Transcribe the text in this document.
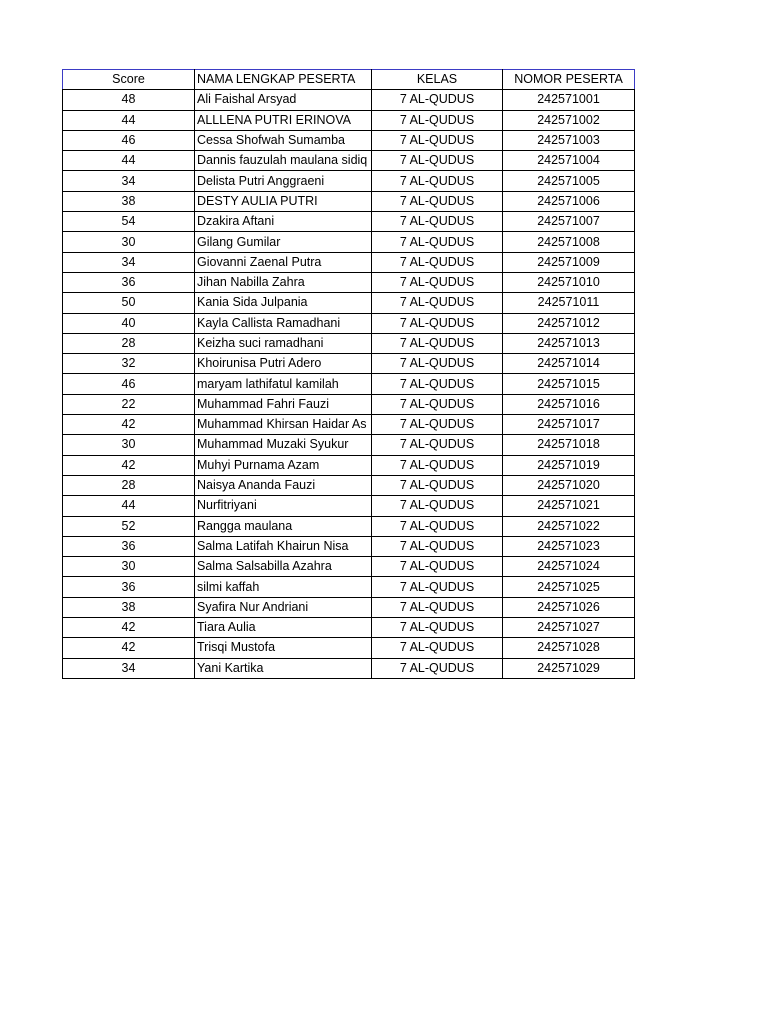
Score	NAMA LENGKAP PESERTA	KELAS	NOMOR PESERTA
48	Ali Faishal Arsyad	7 AL-QUDUS	242571001
44	ALLLENA PUTRI ERINOVA	7 AL-QUDUS	242571002
46	Cessa Shofwah Sumamba	7 AL-QUDUS	242571003
44	Dannis fauzulah maulana sidiq	7 AL-QUDUS	242571004
34	Delista Putri Anggraeni	7 AL-QUDUS	242571005
38	DESTY AULIA PUTRI	7 AL-QUDUS	242571006
54	Dzakira Aftani	7 AL-QUDUS	242571007
30	Gilang Gumilar	7 AL-QUDUS	242571008
34	Giovanni Zaenal Putra	7 AL-QUDUS	242571009
36	Jihan Nabilla Zahra	7 AL-QUDUS	242571010
50	Kania Sida Julpania	7 AL-QUDUS	242571011
40	Kayla Callista Ramadhani	7 AL-QUDUS	242571012
28	Keizha suci ramadhani	7 AL-QUDUS	242571013
32	Khoirunisa Putri Adero	7 AL-QUDUS	242571014
46	maryam lathifatul kamilah	7 AL-QUDUS	242571015
22	Muhammad Fahri Fauzi	7 AL-QUDUS	242571016
42	Muhammad Khirsan Haidar As	7 AL-QUDUS	242571017
30	Muhammad Muzaki Syukur	7 AL-QUDUS	242571018
42	Muhyi Purnama Azam	7 AL-QUDUS	242571019
28	Naisya Ananda Fauzi	7 AL-QUDUS	242571020
44	Nurfitriyani	7 AL-QUDUS	242571021
52	Rangga maulana	7 AL-QUDUS	242571022
36	Salma Latifah Khairun Nisa	7 AL-QUDUS	242571023
30	Salma Salsabilla Azahra	7 AL-QUDUS	242571024
36	silmi kaffah	7 AL-QUDUS	242571025
38	Syafira Nur Andriani	7 AL-QUDUS	242571026
42	Tiara Aulia	7 AL-QUDUS	242571027
42	Trisqi Mustofa	7 AL-QUDUS	242571028
34	Yani Kartika	7 AL-QUDUS	242571029
